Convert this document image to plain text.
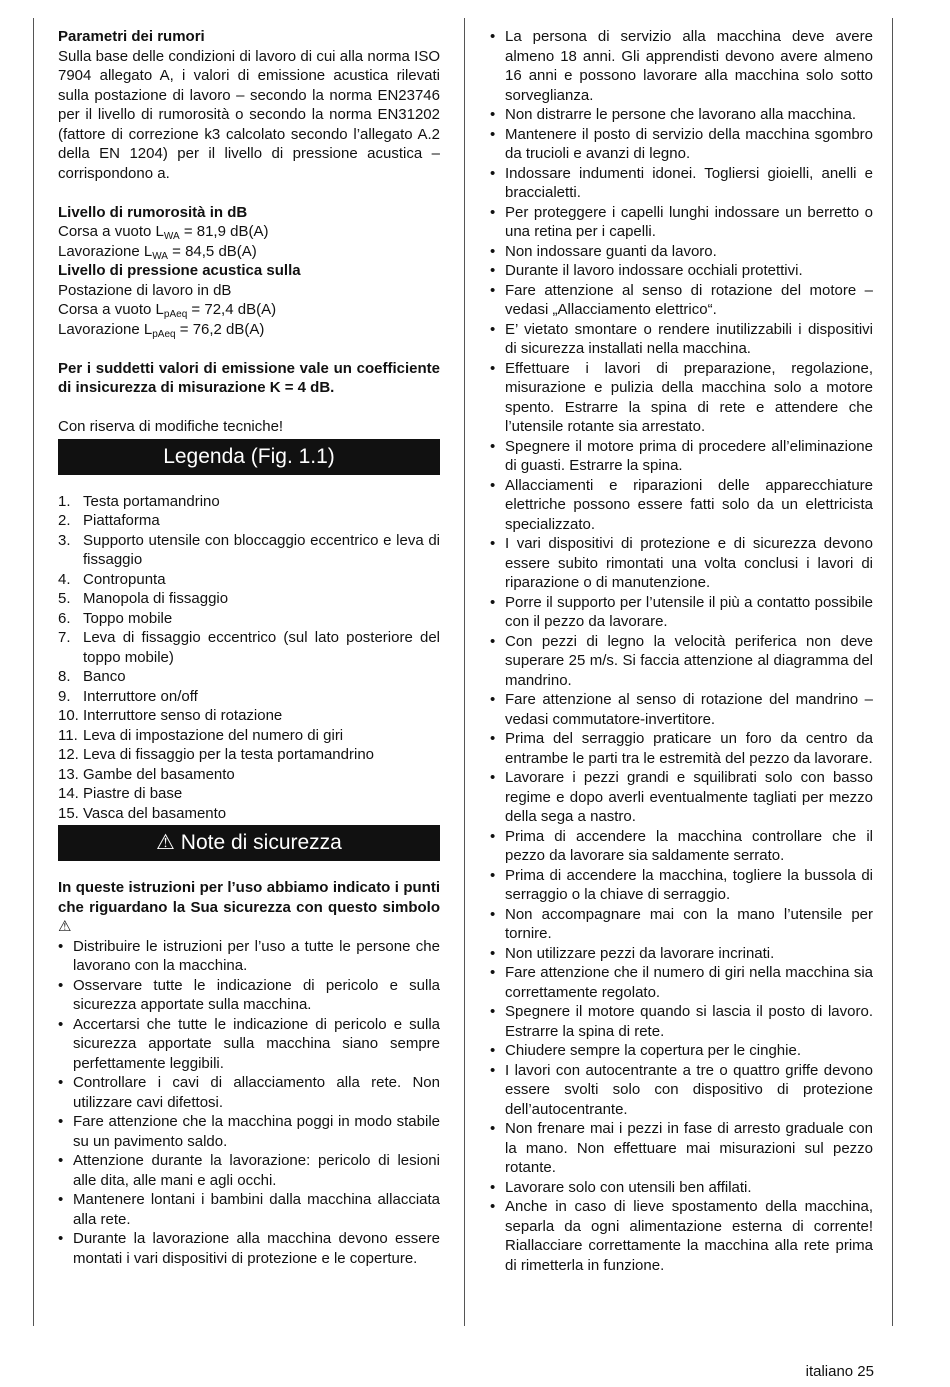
Parametri dei rumori

Sulla base delle condizioni di lavoro di cui alla norma ISO 7904 allegato A, i valori di emissione acustica rilevati sulla postazione di lavoro – secondo la norma EN23746 per il livello di rumorosità o secondo la norma EN31202 (fattore di correzione k3 calcolato secondo l’allegato A.2 della EN 1204) per il livello di pressione acustica – corrispondono a.

Livello di rumorosità in dB

Corsa a vuoto $L_{WA} = 81,9$ dB(A)

Lavorazione $L_{WA} = 84,5$ dB(A)

Livello di pressione acustica sulla

Postazione di lavoro in dB

Corsa a vuoto $L_{pAeq} = 72,4$ dB(A)

Lavorazione $L_{pAeq} = 76,2$ dB(A)

Per i suddetti valori di emissione vale un coefficiente di insicurezza di misurazione K = 4 dB.

Con riserva di modifiche tecniche!

Legenda (Fig. 1.1)
1. Testa portamandrino
2. Piattaforma
3. Supporto utensile con bloccaggio eccentrico e leva di fissaggio
4. Contropunta
5. Manopola di fissaggio
6. Toppo mobile
7. Leva di fissaggio eccentrico (sul lato posteriore del toppo mobile)
8. Banco
9. Interruttore on/off
10. Interruttore senso di rotazione
11. Leva di impostazione del numero di giri
12. Leva di fissaggio per la testa portamandrino
13. Gambe del basamento
14. Piastre di base
15. Vasca del basamento
⚠ Note di sicurezza

In queste istruzioni per l’uso abbiamo indicato i punti che riguardano la Sua sicurezza con questo simbolo ⚠

• Distribuire le istruzioni per l’uso a tutte le persone che lavorano con la macchina.
• Osservare tutte le indicazione di pericolo e sulla sicurezza apportate sulla macchina.
• Accertarsi che tutte le indicazione di pericolo e sulla sicurezza apportate sulla macchina siano sempre perfettamente leggibili.
• Controllare i cavi di allacciamento alla rete. Non utilizzare cavi difettosi.
• Fare attenzione che la macchina poggi in modo stabile su un pavimento saldo.
• Attenzione durante la lavorazione: pericolo di lesioni alle dita, alle mani e agli occhi.
• Mantenere lontani i bambini dalla macchina allacciata alla rete.
• Durante la lavorazione alla macchina devono essere montati i vari dispositivi di protezione e le coperture.
• La persona di servizio alla macchina deve avere almeno 18 anni. Gli apprendisti devono avere almeno 16 anni e possono lavorare alla macchina solo sotto sorveglianza.
• Non distrarre le persone che lavorano alla macchina.
• Mantenere il posto di servizio della macchina sgombro da trucioli e avanzi di legno.
• Indossare indumenti idonei. Togliersi gioielli, anelli e braccialetti.
• Per proteggere i capelli lunghi indossare un berretto o una retina per i capelli.
• Non indossare guanti da lavoro.
• Durante il lavoro indossare occhiali protettivi.
• Fare attenzione al senso di rotazione del motore – vedasi „Allacciamento elettrico“.
• E’ vietato smontare o rendere inutilizzabili i dispositivi di sicurezza installati nella macchina.
• Effettuare i lavori di preparazione, regolazione, misurazione e pulizia della macchina solo a motore spento. Estrarre la spina di rete e attendere che l’utensile rotante sia arrestato.
• Spegnere il motore prima di procedere all’eliminazione di guasti. Estrarre la spina.
• Allacciamenti e riparazioni delle apparecchiature elettriche possono essere fatti solo da un elettricista specializzato.
• I vari dispositivi di protezione e di sicurezza devono essere subito rimontati una volta conclusi i lavori di riparazione o di manutenzione.
• Porre il supporto per l’utensile il più a contatto possibile con il pezzo da lavorare.
• Con pezzi di legno la velocità periferica non deve superare 25 m/s. Si faccia attenzione al diagramma del mandrino.
• Fare attenzione al senso di rotazione del mandrino – vedasi commutatore-invertitore.
• Prima del serraggio praticare un foro da centro da entrambe le parti tra le estremità del pezzo da lavorare.
• Lavorare i pezzi grandi e squilibrati solo con basso regime e dopo averli eventualmente tagliati per mezzo della sega a nastro.
• Prima di accendere la macchina controllare che il pezzo da lavorare sia saldamente serrato.
• Prima di accendere la macchina, togliere la bussola di serraggio o la chiave di serraggio.
• Non accompagnare mai con la mano l’utensile per tornire.
• Non utilizzare pezzi da lavorare incrinati.
• Fare attenzione che il numero di giri nella macchina sia correttamente regolato.
• Spegnere il motore quando si lascia il posto di lavoro. Estrarre la spina di rete.
• Chiudere sempre la copertura per le cinghie.
• I lavori con autocentrante a tre o quattro griffe devono essere svolti solo con dispositivo di protezione dell’autocentrante.
• Non frenare mai i pezzi in fase di arresto graduale con la mano. Non effettuare mai misurazioni sul pezzo rotante.
• Lavorare solo con utensili ben affilati.
• Anche in caso di lieve spostamento della macchina, separla da ogni alimentazione esterna di corrente! Riallacciare correttamente la macchina alla rete prima di rimetterla in funzione.
italiano 25
